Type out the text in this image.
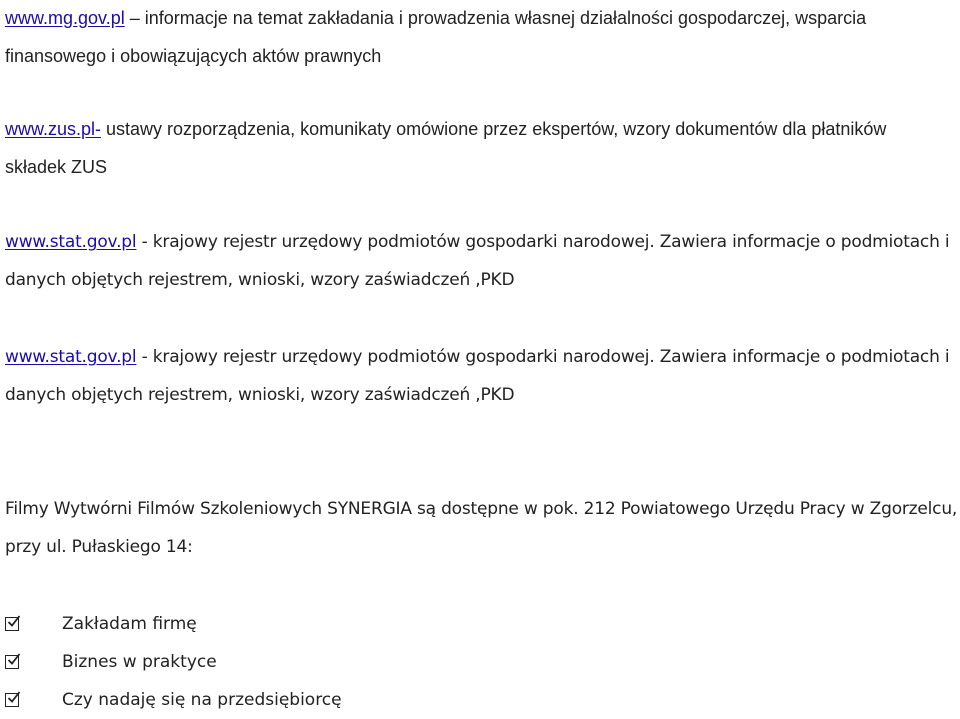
www.mg.gov.pl – informacje na temat zakładania i prowadzenia własnej działalności gospodarczej, wsparcia finansowego i obowiązujących aktów prawnych

www.zus.pl- ustawy rozporządzenia, komunikaty omówione przez ekspertów, wzory dokumentów dla płatników składek ZUS

www.stat.gov.pl - krajowy rejestr urzędowy podmiotów gospodarki narodowej. Zawiera informacje o podmiotach i danych objętych rejestrem, wnioski, wzory zaświadczeń ,PKD

www.stat.gov.pl - krajowy rejestr urzędowy podmiotów gospodarki narodowej. Zawiera informacje o podmiotach i danych objętych rejestrem, wnioski, wzory zaświadczeń ,PKD

Filmy Wytwórni Filmów Szkoleniowych SYNERGIA są dostępne w pok. 212 Powiatowego Urzędu Pracy w Zgorzelcu, przy ul. Pułaskiego 14:

Zakładam firmę
Biznes w praktyce
Czy nadaję się na przedsiębiorcę
